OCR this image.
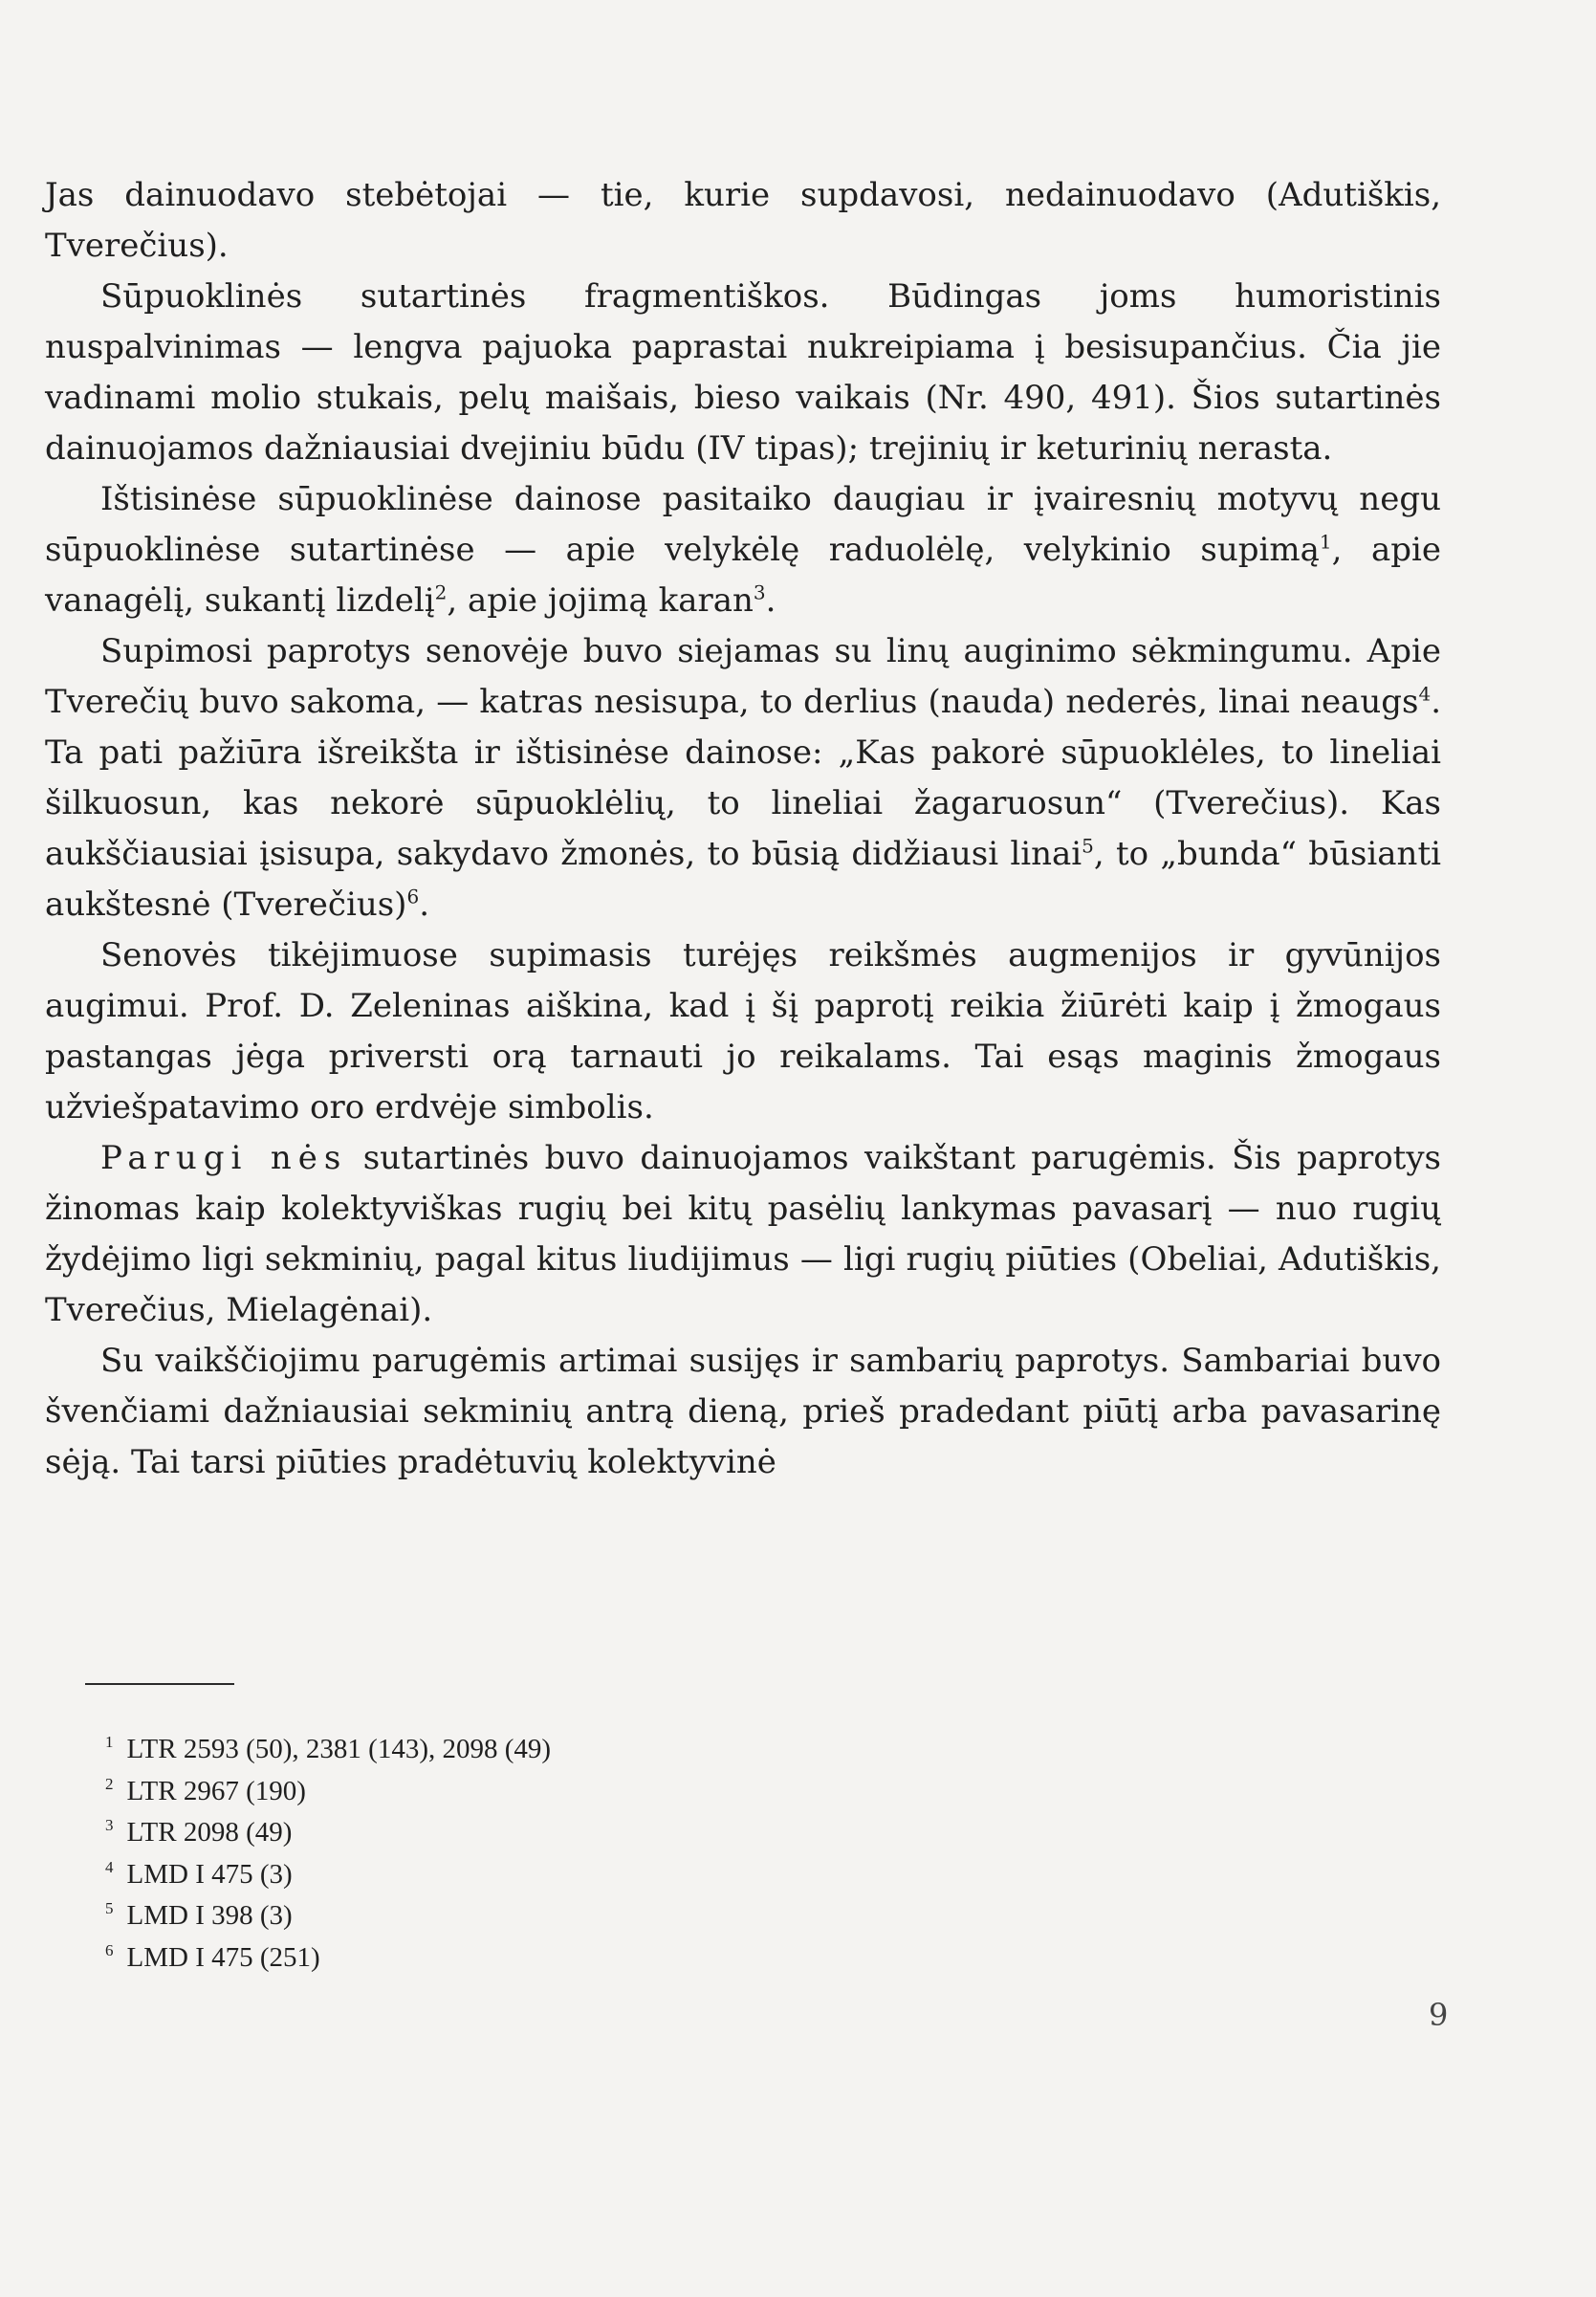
Jas dainuodavo stebėtojai — tie, kurie supdavosi, nedainuodavo (Adutiškis, Tverečius).

Sūpuoklinės sutartinės fragmentiškos. Būdingas joms humoristinis nuspalvinimas — lengva pajuoka paprastai nukreipiama į besisupančius. Čia jie vadinami molio stukais, pelų maišais, bieso vaikais (Nr. 490, 491). Šios sutartinės dainuojamos dažniausiai dvejiniu būdu (IV tipas); trejinių ir keturinių nerasta.

Ištisinėse sūpuoklinėse dainose pasitaiko daugiau ir įvairesnių motyvų negu sūpuoklinėse sutartinėse — apie velykėlę raduolėlę, velykinio supimą$^1$, apie vanagėlį, sukantį lizdelį$^2$, apie jojimą karan$^3$.

Supimosi paprotys senovėje buvo siejamas su linų auginimo sėkmingumu. Apie Tverečių buvo sakoma, — katras nesisupa, to derlius (nauda) nederės, linai neaugs$^4$. Ta pati pažiūra išreikšta ir ištisinėse dainose: „Kas pakorė sūpuoklėles, to lineliai šilkuosun, kas nekorė sūpuoklėlių, to lineliai žagaruosun“ (Tverečius). Kas aukščiausiai įsisupa, sakydavo žmonės, to būsią didžiausi linai$^5$, to „bunda“ būsianti aukštesnė (Tverečius)$^6$.

Senovės tikėjimuose supimasis turėjęs reikšmės augmenijos ir gyvūnijos augimui. Prof. D. Zeleninas aiškina, kad į šį paprotį reikia žiūrėti kaip į žmogaus pastangas jėga priversti orą tarnauti jo reikalams. Tai esąs maginis žmogaus užviešpatavimo oro erdvėje simbolis.

Parugi nės sutartinės buvo dainuojamos vaikštant parugėmis. Šis paprotys žinomas kaip kolektyviškas rugių bei kitų pasėlių lankymas pavasarį — nuo rugių žydėjimo ligi sekminių, pagal kitus liudijimus — ligi rugių piūties (Obeliai, Adutiškis, Tverečius, Mielagėnai).

Su vaikščiojimu parugėmis artimai susijęs ir sambarių paprotys. Sambariai buvo švenčiami dažniausiai sekminių antrą dieną, prieš pradedant piūtį arba pavasarinę sėją. Tai tarsi piūties pradėtuvių kolektyvinė

$^1$ LTR 2593 (50), 2381 (143), 2098 (49)
$^2$ LTR 2967 (190)
$^3$ LTR 2098 (49)
$^4$ LMD I 475 (3)
$^5$ LMD I 398 (3)
$^6$ LMD I 475 (251)
9
